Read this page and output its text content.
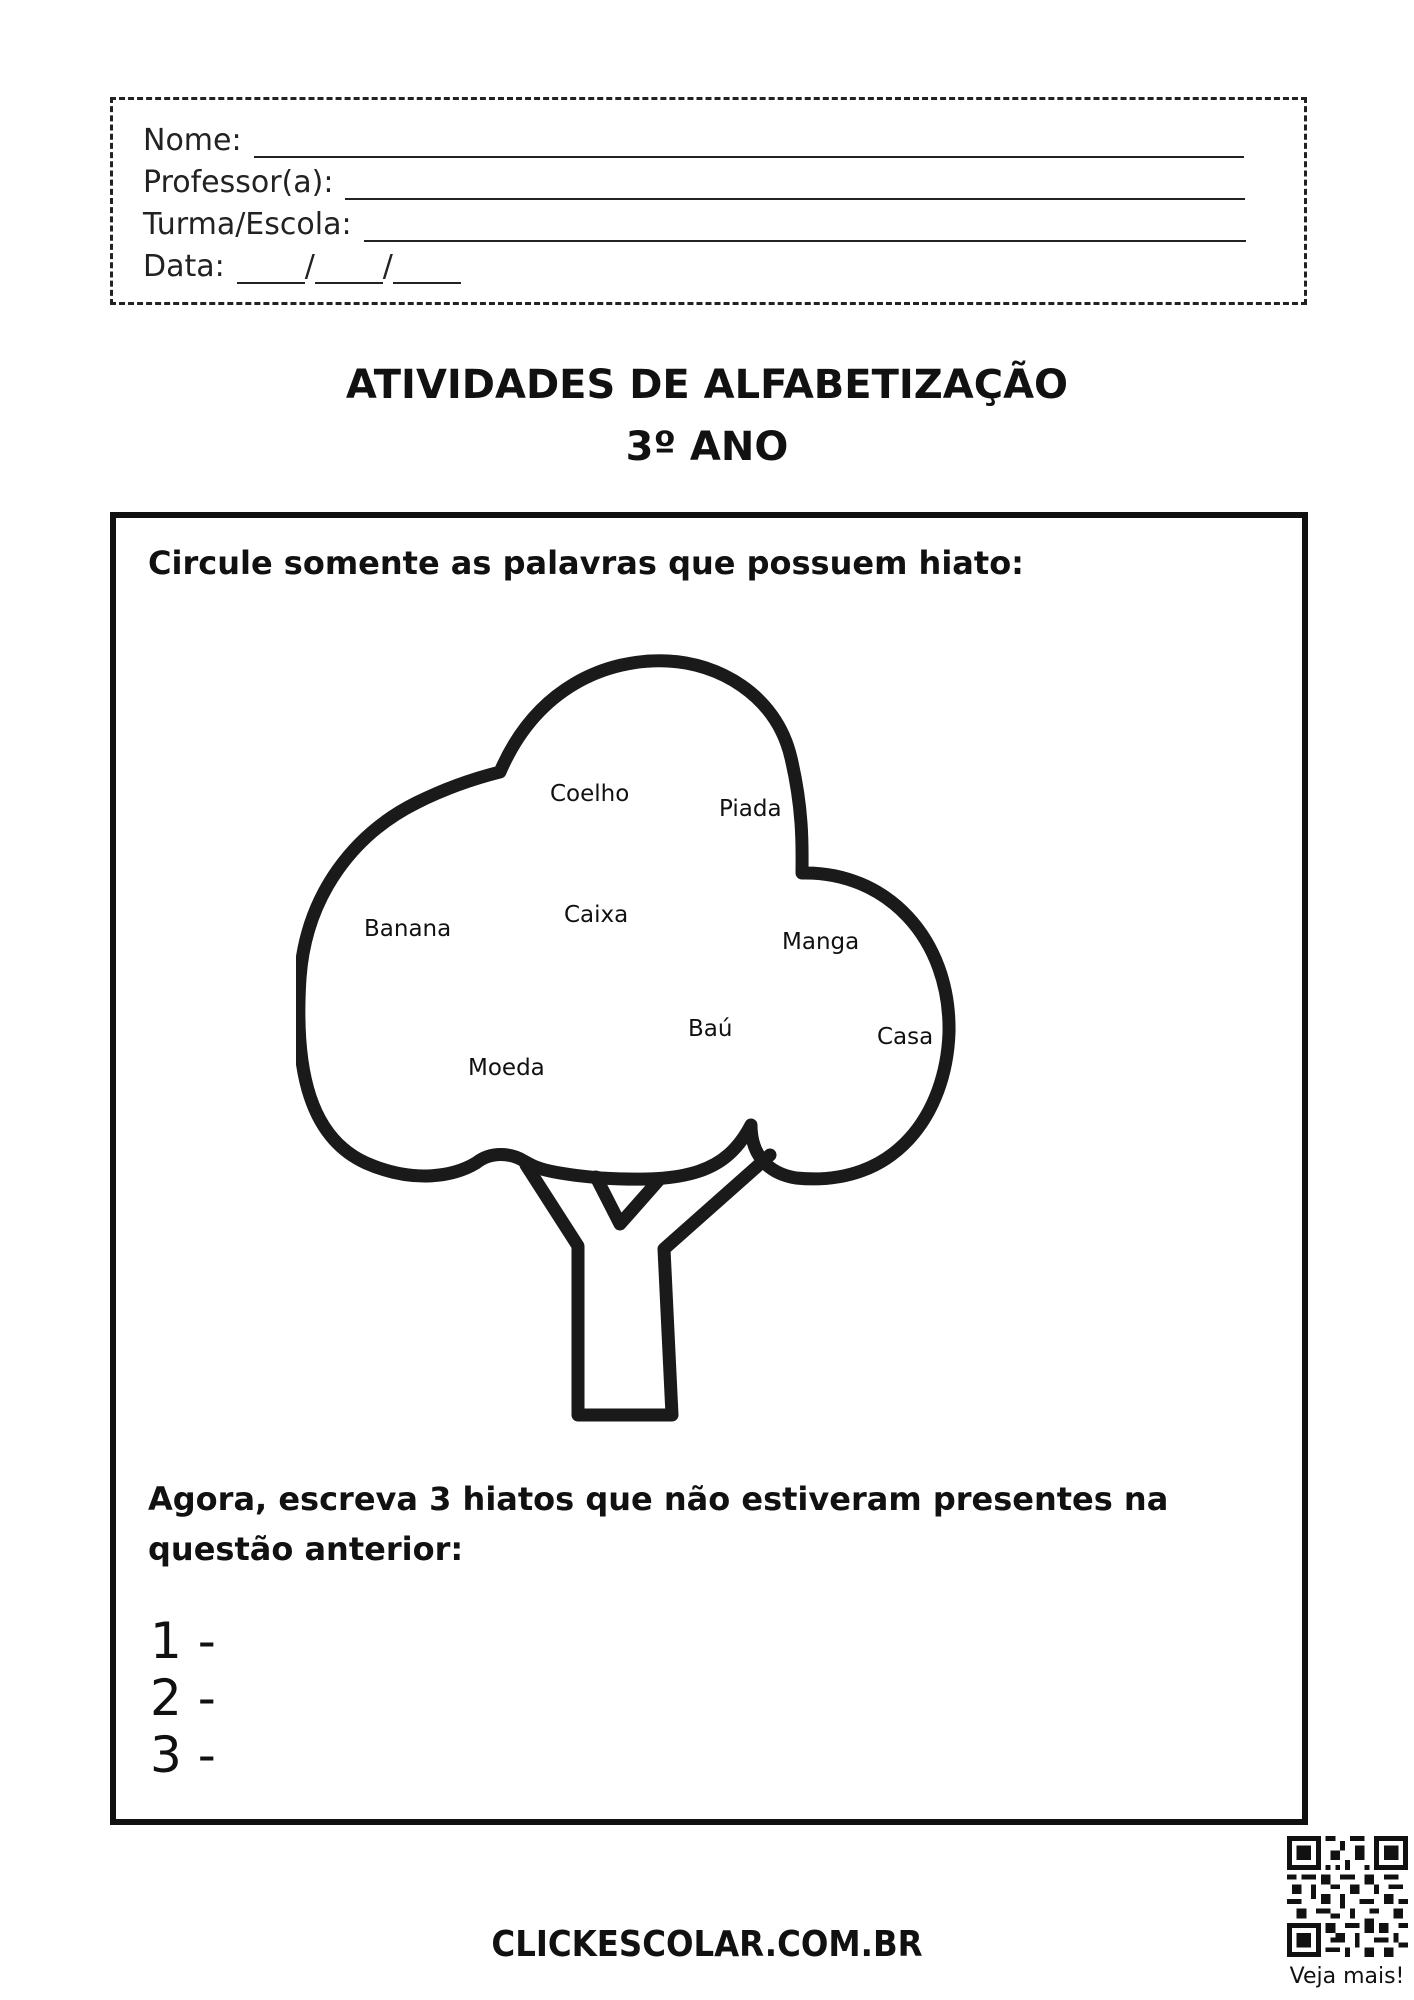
Nome:
Professor(a):
Turma/Escola:
Data:	/ /
ATIVIDADES DE ALFABETIZAÇÃO
3º ANO
Circule somente as palavras que possuem hiato:
Coelho
Piada
Banana
Caixa
Manga
Baú	Casa
Moeda
Agora, escreva 3 hiatos que não estiveram presentes na questão anterior:
1 -
2 -
3 -
CLICKESCOLAR.COM.BR
Veja mais!
